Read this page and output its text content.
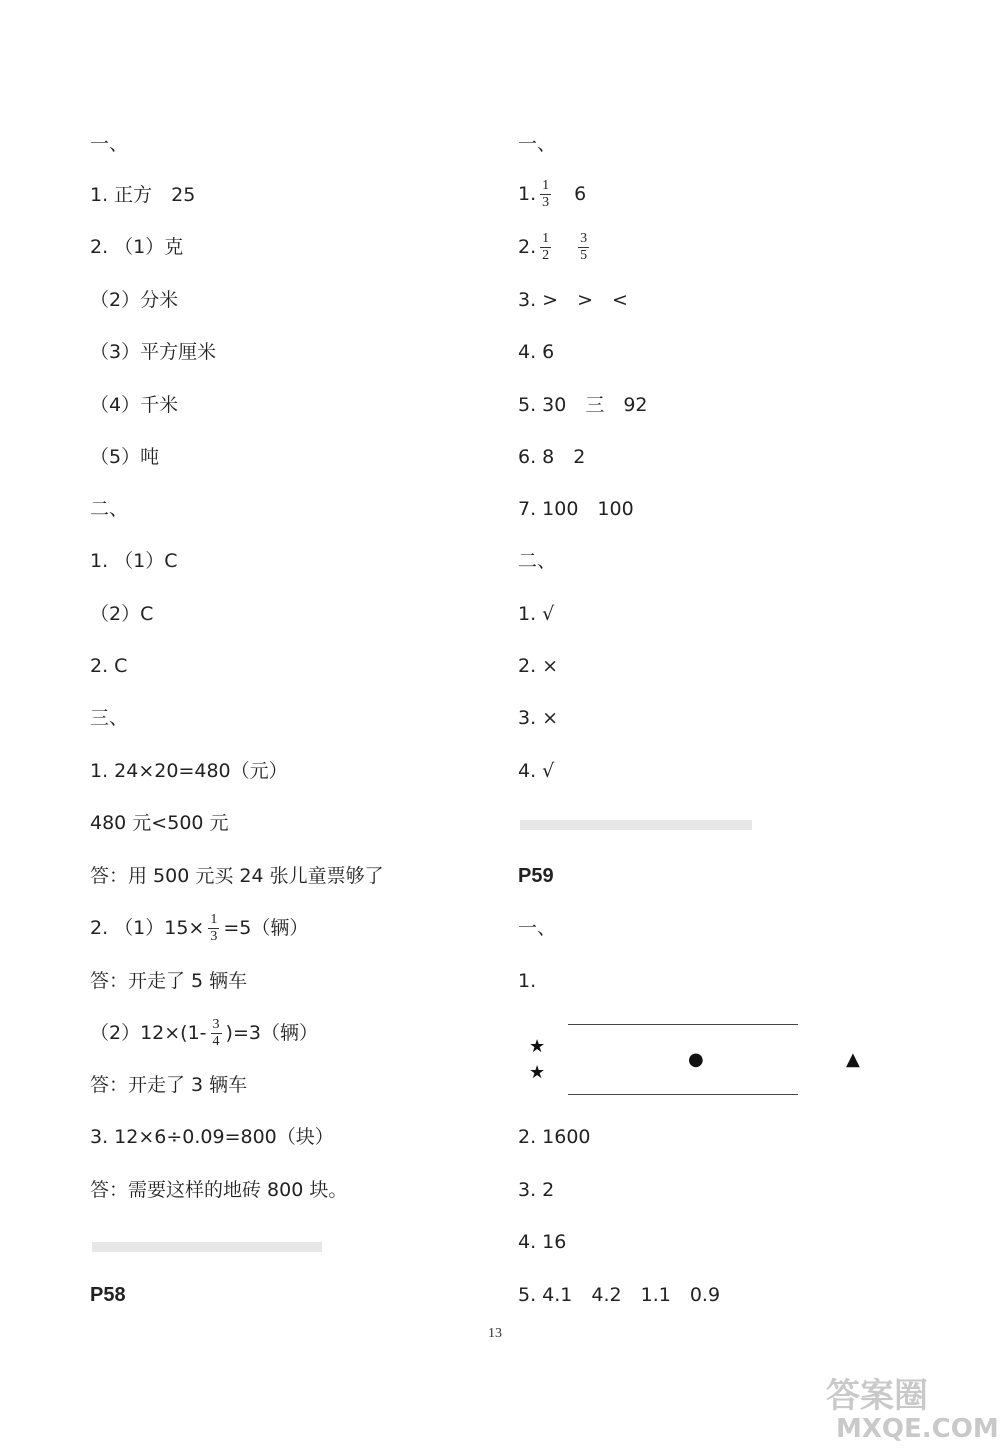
一、
1. 正方　25
2. （1）克
（2）分米
（3）平方厘米
（4）千米
（5）吨
二、
1. （1）C
（2）C
2. C
三、
1. 24×20=480（元）
480 元<500 元
答：用 500 元买 24 张儿童票够了
2. $(1)15\times \frac{1}{3} =5$（辆）
答：开走了 5 辆车
$(2)12\times(1- \frac{3}{4} )=3$（辆）
答：开走了 3 辆车
3. 12×6÷0.09=800（块）
答：需要这样的地砖 800 块。
P58
一、
1. $\frac{1}{3}$
　 6
2. $\frac{1}{2}$
　 $\frac{3}{5}$
3. >　>　<
4. 6
5. 30　三　92
6. 8　2
7. 100　100
二、
1. √
2. ×
3. ×
4. √
P59
一、
1.
★
★
●	▲
2. 1600
3. 2
4. 16
5. 4.1　4.2　1.1　0.9
13
答案圈
MXQE.COM
